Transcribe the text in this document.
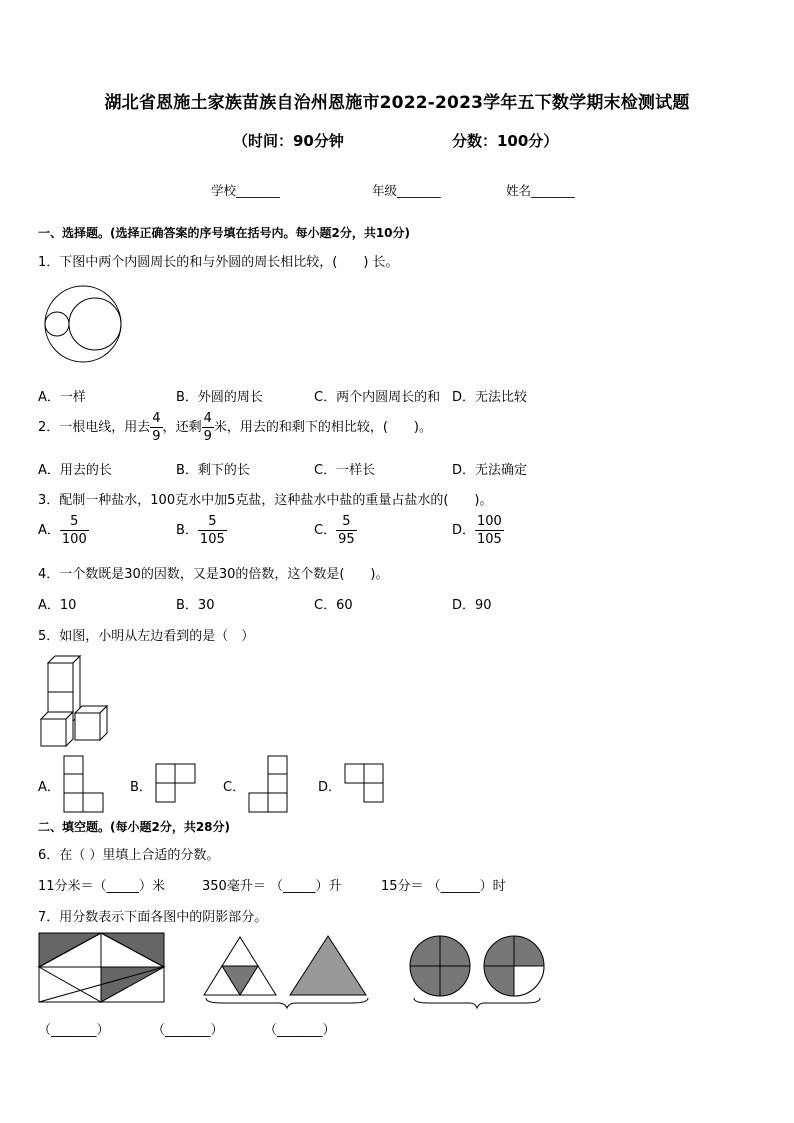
湖北省恩施土家族苗族自治州恩施市2022-2023学年五下数学期末检测试题
（时间：90分钟	分数：100分）
学校_______	年级_______	姓名_______
一、选择题。(选择正确答案的序号填在括号内。每小题2分，共10分)
1．下图中两个内圆周长的和与外圆的周长相比较，(　　) 长。
A．一样	B．外圆的周长	C．两个内圆周长的和 D．无法比较
2．一根电线，用去 $\frac{4}{9}$ ，还剩 $\frac{4}{9}$ 米，用去的和剩下的相比较，(　　)。
A．用去的长	B．剩下的长	C．一样长	D．无法确定
3．配制一种盐水，100克水中加5克盐，这种盐水中盐的重量占盐水的(　　)。
A． $\frac{5}{100}$	B． $\frac{5}{105}$	C． $\frac{5}{95}$	D． $\frac{100}{105}$
4．一个数既是30的因数，又是30的倍数，这个数是(　　)。
A．10	B．30	C．60	D．90
5．如图，小明从左边看到的是（　）
A．	B．	C．	D．
二、填空题。(每小题2分，共28分)
6．在（ ）里填上合适的分数。
11分米＝（_____）米	350毫升＝ （_____）升	15分＝ （______）时
7．用分数表示下面各图中的阴影部分。
（_______）	（_______）	（_______）
